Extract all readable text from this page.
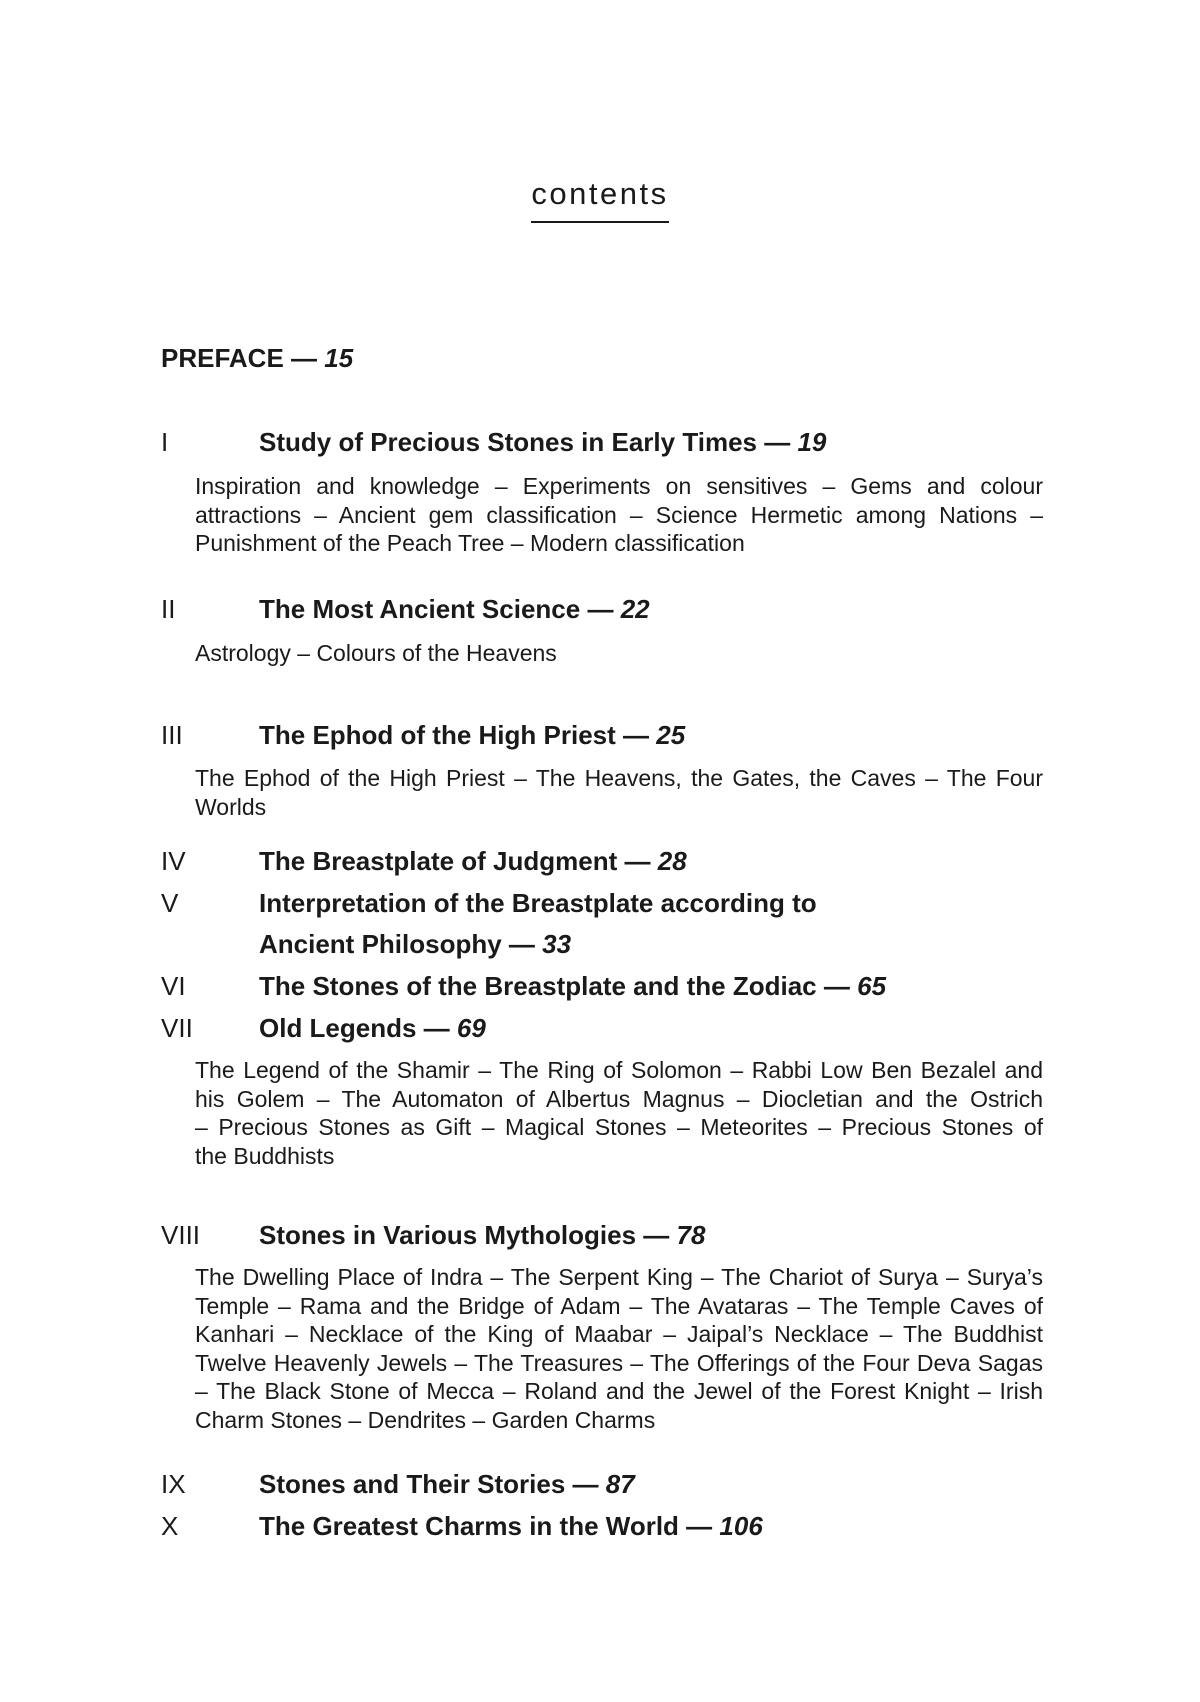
contents
PREFACE — 15
I	Study of Precious Stones in Early Times — 19
Inspiration and knowledge – Experiments on sensitives – Gems and colour
attractions – Ancient gem classification – Science Hermetic among Nations –
Punishment of the Peach Tree – Modern classification
II	The Most Ancient Science — 22
Astrology – Colours of the Heavens
III	The Ephod of the High Priest — 25
The Ephod of the High Priest – The Heavens, the Gates, the Caves – The Four
Worlds
IV	The Breastplate of Judgment — 28
V	Interpretation of the Breastplate according to
Ancient Philosophy — 33
VI	The Stones of the Breastplate and the Zodiac — 65
VII	Old Legends — 69
The Legend of the Shamir – The Ring of Solomon – Rabbi Low Ben Bezalel and
his Golem – The Automaton of Albertus Magnus – Diocletian and the Ostrich
– Precious Stones as Gift – Magical Stones – Meteorites – Precious Stones of
the Buddhists
VIII Stones in Various Mythologies — 78
The Dwelling Place of Indra – The Serpent King – The Chariot of Surya – Surya’s
Temple – Rama and the Bridge of Adam – The Avataras – The Temple Caves of
Kanhari – Necklace of the King of Maabar – Jaipal’s Necklace – The Buddhist
Twelve Heavenly Jewels – The Treasures – The Offerings of the Four Deva Sagas
– The Black Stone of Mecca – Roland and the Jewel of the Forest Knight – Irish
Charm Stones – Dendrites – Garden Charms
IX	Stones and Their Stories — 87
X	The Greatest Charms in the World — 106
